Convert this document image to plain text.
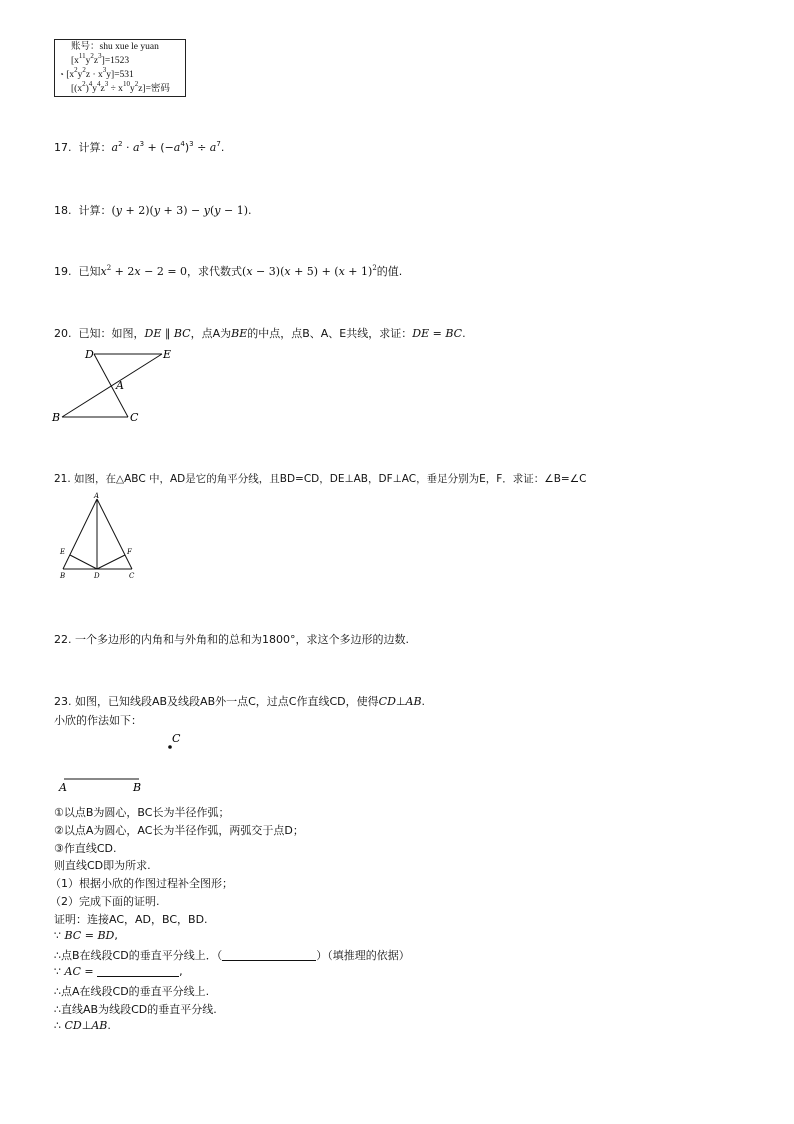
账号：shu xue le yuan
$[x^{11}y^2z^3]=1523$
◔ $[x^2y^2z \cdot x^3y]=531$
$[(x^2)^4y^4z^3 \div x^{10}y^2z]=$密码
17. 计算：$a^2 \cdot a^3 + (-a^4)^3 \div a^7$.
18. 计算：(y + 2)(y + 3) − y(y − 1).
19. 已知$x^2 + 2x - 2 = 0$，求代数式$(x - 3)(x + 5) + (x + 1)^2$的值.
20. 已知：如图，DE ∥ BC，点A为BE的中点，点B、A、E共线，求证：DE = BC.
D	E
A
B	C
21. 如图，在△ABC 中，AD是它的角平分线，且BD=CD，DE⊥AB，DF⊥AC，垂足分别为E，F．求证：∠B=∠C
A
E	F
B	D	C
22. 一个多边形的内角和与外角和的总和为1800°，求这个多边形的边数.
23. 如图，已知线段AB及线段AB外一点C，过点C作直线CD，使得CD⊥AB.
小欣的作法如下：
C
A	B
①以点B为圆心，BC长为半径作弧；
②以点A为圆心，AC长为半径作弧，两弧交于点D；
③作直线CD.
则直线CD即为所求.
（1）根据小欣的作图过程补全图形；
（2）完成下面的证明.
证明：连接AC，AD，BC，BD.
∵ BC = BD,
∴点B在线段CD的垂直平分线上．（	）（填推理的依据）
∵ AC =	,
∴点A在线段CD的垂直平分线上.
∴直线AB为线段CD的垂直平分线.
∴ CD⊥AB.
